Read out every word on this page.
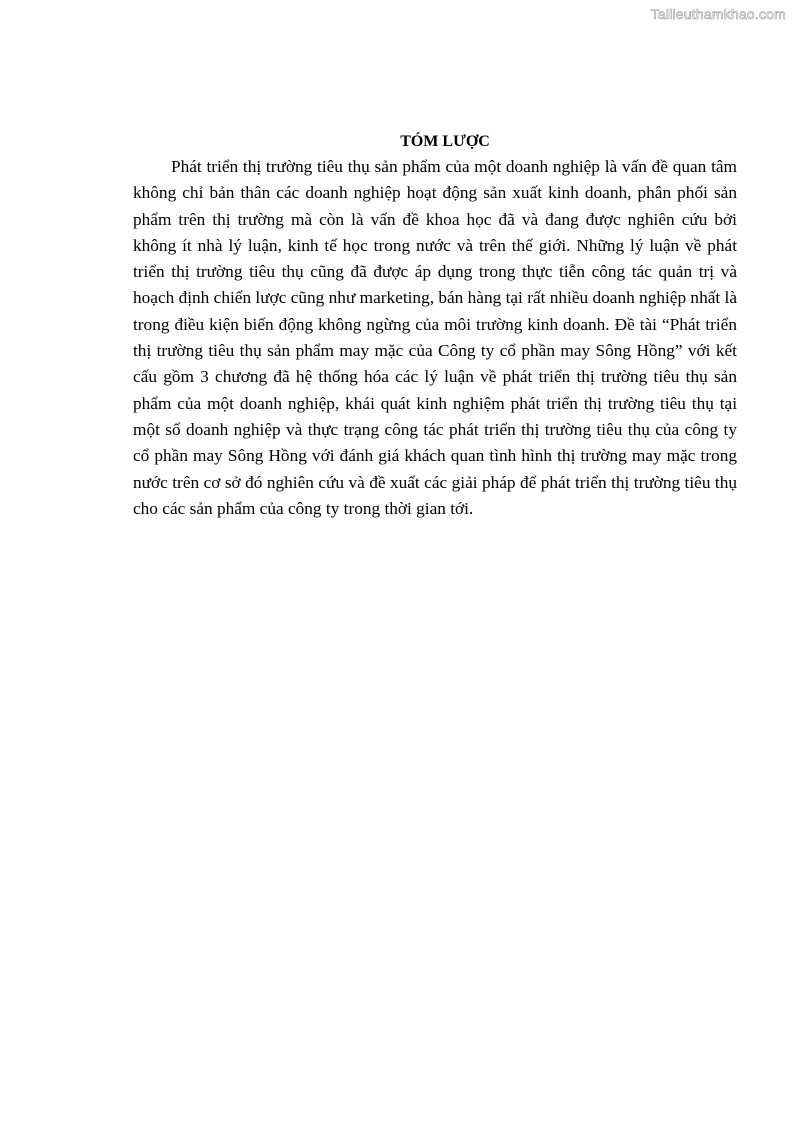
Tailieuthamkhao.com
TÓM LƯỢC

Phát triển thị trường tiêu thụ sản phẩm của một doanh nghiệp là vấn đề quan tâm không chỉ bản thân các doanh nghiệp hoạt động sản xuất kinh doanh, phân phối sản phẩm trên thị trường mà còn là vấn đề khoa học đã và đang được nghiên cứu bởi không ít nhà lý luận, kinh tế học trong nước và trên thế giới. Những lý luận về phát triển thị trường tiêu thụ cũng đã được áp dụng trong thực tiễn công tác quản trị và hoạch định chiến lược cũng như marketing, bán hàng tại rất nhiều doanh nghiệp nhất là trong điều kiện biến động không ngừng của môi trường kinh doanh. Đề tài “Phát triển thị trường tiêu thụ sản phẩm may mặc của Công ty cổ phần may Sông Hồng” với kết cấu gồm 3 chương đã hệ thống hóa các lý luận về phát triển thị trường tiêu thụ sản phẩm của một doanh nghiệp, khái quát kinh nghiệm phát triển thị trường tiêu thụ tại một số doanh nghiệp và thực trạng công tác phát triển thị trường tiêu thụ của công ty cổ phần may Sông Hồng với đánh giá khách quan tình hình thị trường may mặc trong nước trên cơ sở đó nghiên cứu và đề xuất các giải pháp để phát triển thị trường tiêu thụ cho các sản phẩm của công ty trong thời gian tới.
